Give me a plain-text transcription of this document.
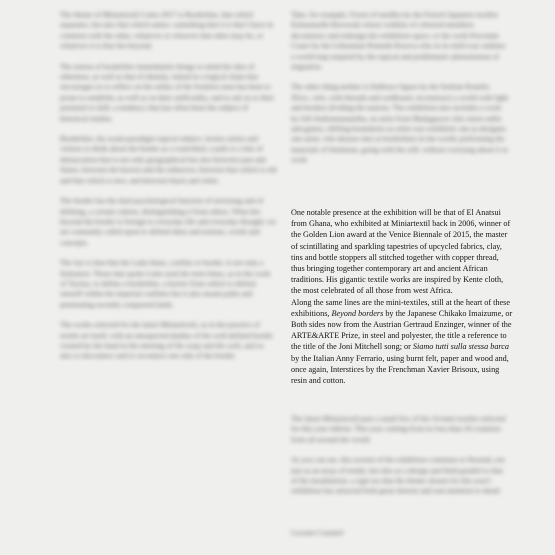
The theme of Miniartextil Como 2017 is Borderline, that which separates, but also that which unites: something that it is that I have in common with the other, whatever or whoever that other may be, or whatever it is that lies beyond.

The notion of borderline immediately brings to mind the idea of otherness, as well as that of identity, united in a logical chain that encourages us to reflect on the utility of the frontiers man has been to prone to establish, as well as on their artificiality, and to ask us to their potential to shift, a tendency that has often been the subject of historical studies.

Borderline, the avant-paradigm topical subject, invites artists and visitors to think about the border as a watershed, a path or a line of demarcation that is not only geographical but also between past and future, between the known and the unknown, between that which is old and that which is new, and between black and white.

The border has the dual psychological function of enclosing and of defining, a certain culture, distinguishing it from others. What lies beyond the border is foreign to everyday life and everyday thought; we are constantly called upon to defend ideas and notions, words and concepts.

The fact is that that the Latin limes, confine or border, is not only a limitation. Those that spoke Latin used the term limes, as in the work of Tacitus, to define a borderline, a barrier from which to defend oneself within the imperial confines but it also meant paths and penetrating recently conquered lands.

The works selected for the latest Miniartextil, as in the practice of textile art itself, with an unexpected duality of the well-defined border created by the hand in the meeting of the warp and the weft, and so also to disconnect and to reconnect one side of the border.

Take, for example, Forest of needles by the French Japanese textiles Emmanuelle Borowski whose weblins of coloured members deconstruct and redesign the exhibition space, or the work Porcelain Crater by the Lithuanian Rolanda Rosova who in its mild way outlines a world map inspired by the topical and problematic phenomenon of migration.

The other thing-neither is Dalbrace figure by the Serbian Ronelio Zlicic, who, with threads and cardboard, reconstructs a world with light and borders dividing the nations. The exhibition also includes a work by Jofi Andriamanamiha, an artist from Madagascar who raises unfin and games, shifting boundaries as artist was exhibited, one as designer, one artist, who disuses into at borderlines in the world, performing the materials of feminism, going with the still, without worrying about it at work.

One notable presence at the exhibition will be that of El Anatsui from Ghana, who exhibited at Miniartextil back in 2006, winner of the Golden Lion award at the Venice Biennale of 2015, the master of scintillating and sparkling tapestries of upcycled fabrics, clay, tins and bottle stoppers all stitched together with copper thread, thus bringing together contemporary art and ancient African traditions. His gigantic textile works are inspired by Kente cloth, the most celebrated of all those from west Africa.

Along the same lines are the mini-textiles, still at the heart of these exhibitions, Beyond borders by the Japanese Chikako Imaizume, or Both sides now from the Austrian Gertraud Enzinger, winner of the ARTE&ARTE Prize, in steel and polyester, the title a reference to the title of the Joni Mitchell song; or Siamo tutti sulla stessa barca by the Italian Anny Ferrario, using burnt felt, paper and wood and, once again, Interstices by the Frenchman Xavier Brisoux, using resin and cotton.

The latest Miniartextil puts a small few of the 54 mini textiles selected for this year edition. This year coming from no less than 20 countries from all around the world.

As you can see, this section of the exhibition continues to flourish, not just as an array of trends, but also as a design and field parallel to that of the installations, a sign too that the theme chosen for this year's exhibition has attracted both great interest and real attention to detail.

Luciano Caramel
